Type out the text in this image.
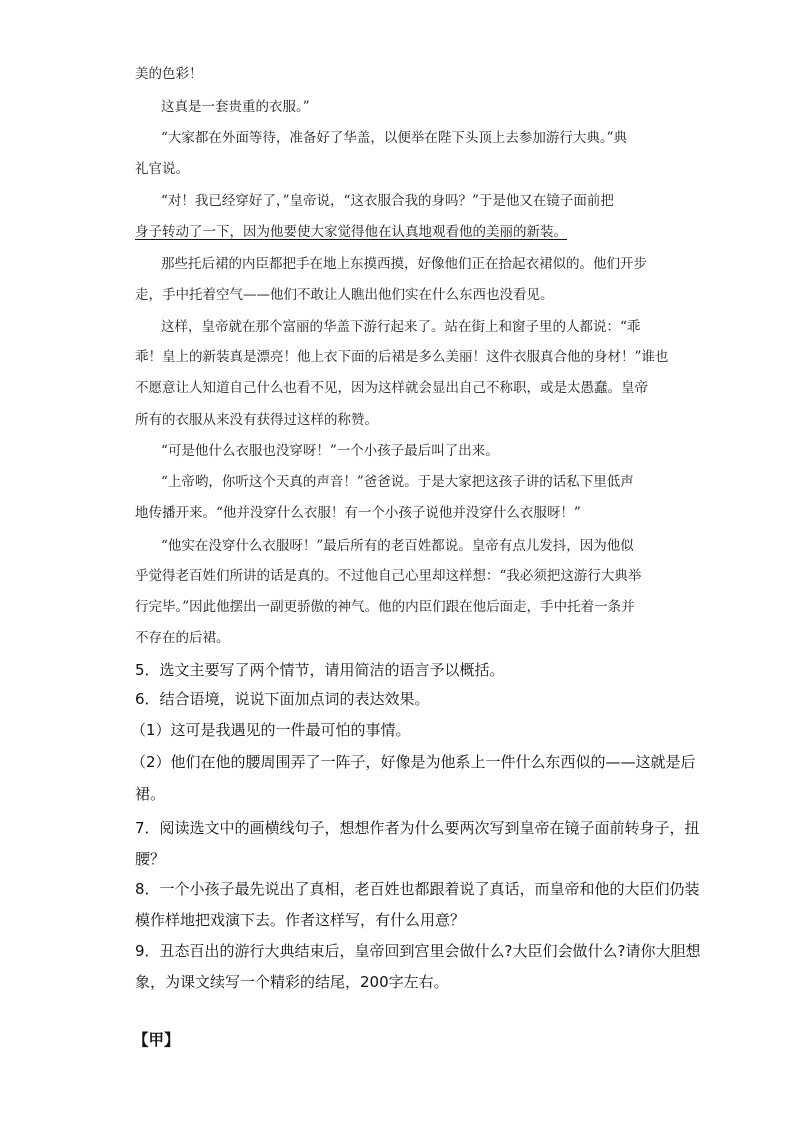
美的色彩！
这真是一套贵重的衣服。”
“大家都在外面等待，准备好了华盖，以便举在陛下头顶上去参加游行大典。”典
礼官说。
“对！我已经穿好了，”皇帝说，“这衣服合我的身吗？”于是他又在镜子面前把
身子转动了一下，因为他要使大家觉得他在认真地观看他的美丽的新装。
那些托后裙的内臣都把手在地上东摸西摸，好像他们正在拾起衣裙似的。他们开步
走，手中托着空气——他们不敢让人瞧出他们实在什么东西也没看见。
这样，皇帝就在那个富丽的华盖下游行起来了。站在街上和窗子里的人都说：“乖
乖！皇上的新装真是漂亮！他上衣下面的后裙是多么美丽！这件衣服真合他的身材！”谁也
不愿意让人知道自己什么也看不见，因为这样就会显出自己不称职，或是太愚蠢。皇帝
所有的衣服从来没有获得过这样的称赞。
“可是他什么衣服也没穿呀！”一个小孩子最后叫了出来。
“上帝哟，你听这个天真的声音！”爸爸说。于是大家把这孩子讲的话私下里低声
地传播开来。“他并没穿什么衣服！有一个小孩子说他并没穿什么衣服呀！”
“他实在没穿什么衣服呀！”最后所有的老百姓都说。皇帝有点儿发抖，因为他似
乎觉得老百姓们所讲的话是真的。不过他自己心里却这样想：“我必须把这游行大典举
行完毕。”因此他摆出一副更骄傲的神气。他的内臣们跟在他后面走，手中托着一条并
不存在的后裙。
5．选文主要写了两个情节，请用简洁的语言予以概括。
6．结合语境，说说下面加点词的表达效果。
（1）这可是我遇见的一件最可怕的事情。
（2）他们在他的腰周围弄了一阵子，好像是为他系上一件什么东西似的——这就是后
裙。
7．阅读选文中的画横线句子，想想作者为什么要两次写到皇帝在镜子面前转身子，扭
腰？
8．一个小孩子最先说出了真相，老百姓也都跟着说了真话，而皇帝和他的大臣们仍装
模作样地把戏演下去。作者这样写，有什么用意？
9．丑态百出的游行大典结束后，皇帝回到宫里会做什么?大臣们会做什么?请你大胆想
象，为课文续写一个精彩的结尾，200字左右。
【甲】
